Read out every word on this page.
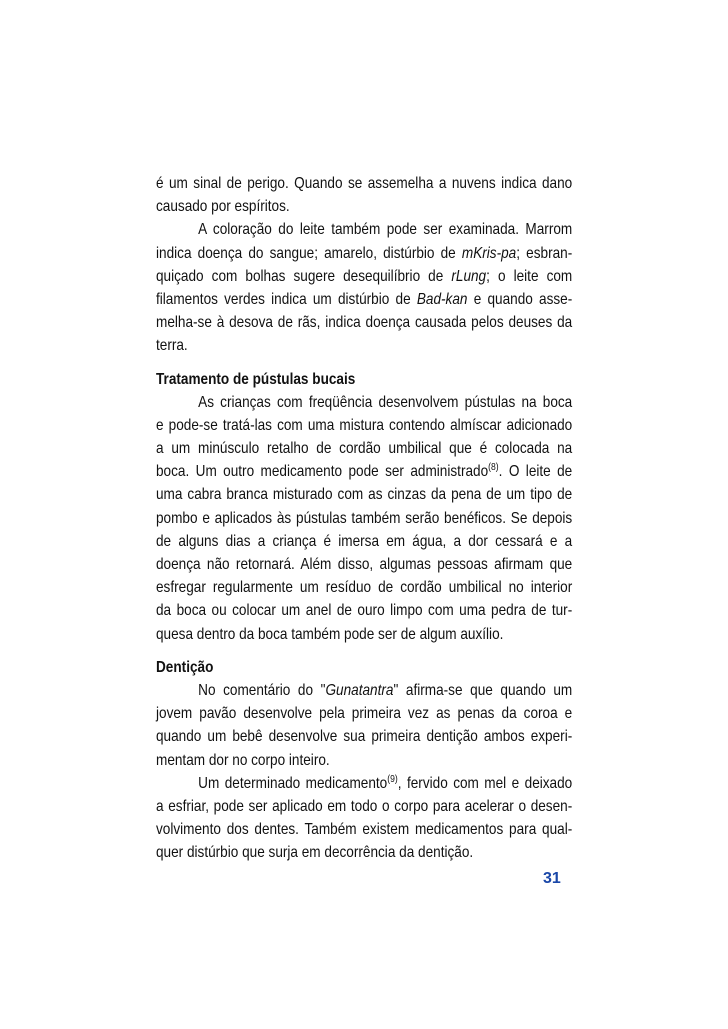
é um sinal de perigo. Quando se assemelha a nuvens indica dano
causado por espíritos.
A coloração do leite também pode ser examinada. Marrom
indica doença do sangue; amarelo, distúrbio de mKris-pa; esbran-
quiçado com bolhas sugere desequilíbrio de rLung; o leite com
filamentos verdes indica um distúrbio de Bad-kan e quando asse-
melha-se à desova de rãs, indica doença causada pelos deuses da
terra.
Tratamento de pústulas bucais
As crianças com freqüência desenvolvem pústulas na boca
e pode-se tratá-las com uma mistura contendo almíscar adicionado
a um minúsculo retalho de cordão umbilical que é colocada na
boca. Um outro medicamento pode ser administrado$^{(8)}$. O leite de
uma cabra branca misturado com as cinzas da pena de um tipo de
pombo e aplicados às pústulas também serão benéficos. Se depois
de alguns dias a criança é imersa em água, a dor cessará e a
doença não retornará. Além disso, algumas pessoas afirmam que
esfregar regularmente um resíduo de cordão umbilical no interior
da boca ou colocar um anel de ouro limpo com uma pedra de tur-
quesa dentro da boca também pode ser de algum auxílio.
Dentição
No comentário do "Gunatantra" afirma-se que quando um
jovem pavão desenvolve pela primeira vez as penas da coroa e
quando um bebê desenvolve sua primeira dentição ambos experi-
mentam dor no corpo inteiro.
Um determinado medicamento$^{(9)}$, fervido com mel e deixado
a esfriar, pode ser aplicado em todo o corpo para acelerar o desen-
volvimento dos dentes. Também existem medicamentos para qual-
quer distúrbio que surja em decorrência da dentição.
31
